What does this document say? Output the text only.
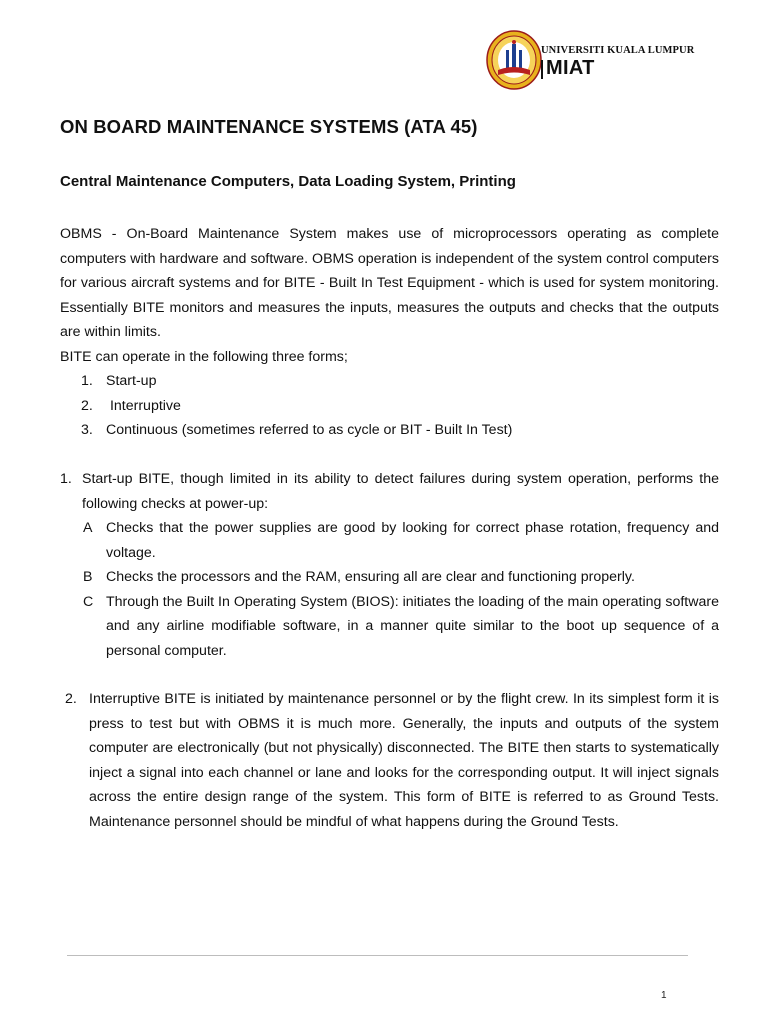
UNIVERSITI KUALA LUMPUR
MIAT
ON BOARD MAINTENANCE SYSTEMS (ATA 45)
Central Maintenance Computers, Data Loading System, Printing

OBMS - On-Board Maintenance System makes use of microprocessors operating as complete computers with hardware and software. OBMS operation is independent of the system control computers for various aircraft systems and for BITE - Built In Test Equipment - which is used for system monitoring. Essentially BITE monitors and measures the inputs, measures the outputs and checks that the outputs are within limits.

BITE can operate in the following three forms;

1. Start-up
2. Interruptive
3. Continuous (sometimes referred to as cycle or BIT - Built In Test)
1. Start-up BITE, though limited in its ability to detect failures during system operation, performs the following checks at power-up:

A Checks that the power supplies are good by looking for correct phase rotation, frequency and voltage.

B Checks the processors and the RAM, ensuring all are clear and functioning properly.

C Through the Built In Operating System (BIOS): initiates the loading of the main operating software and any airline modifiable software, in a manner quite similar to the boot up sequence of a personal computer.

2. Interruptive BITE is initiated by maintenance personnel or by the flight crew. In its simplest form it is press to test but with OBMS it is much more. Generally, the inputs and outputs of the system computer are electronically (but not physically) disconnected. The BITE then starts to systematically inject a signal into each channel or lane and looks for the corresponding output. It will inject signals across the entire design range of the system. This form of BITE is referred to as Ground Tests. Maintenance personnel should be mindful of what happens during the Ground Tests.

1
